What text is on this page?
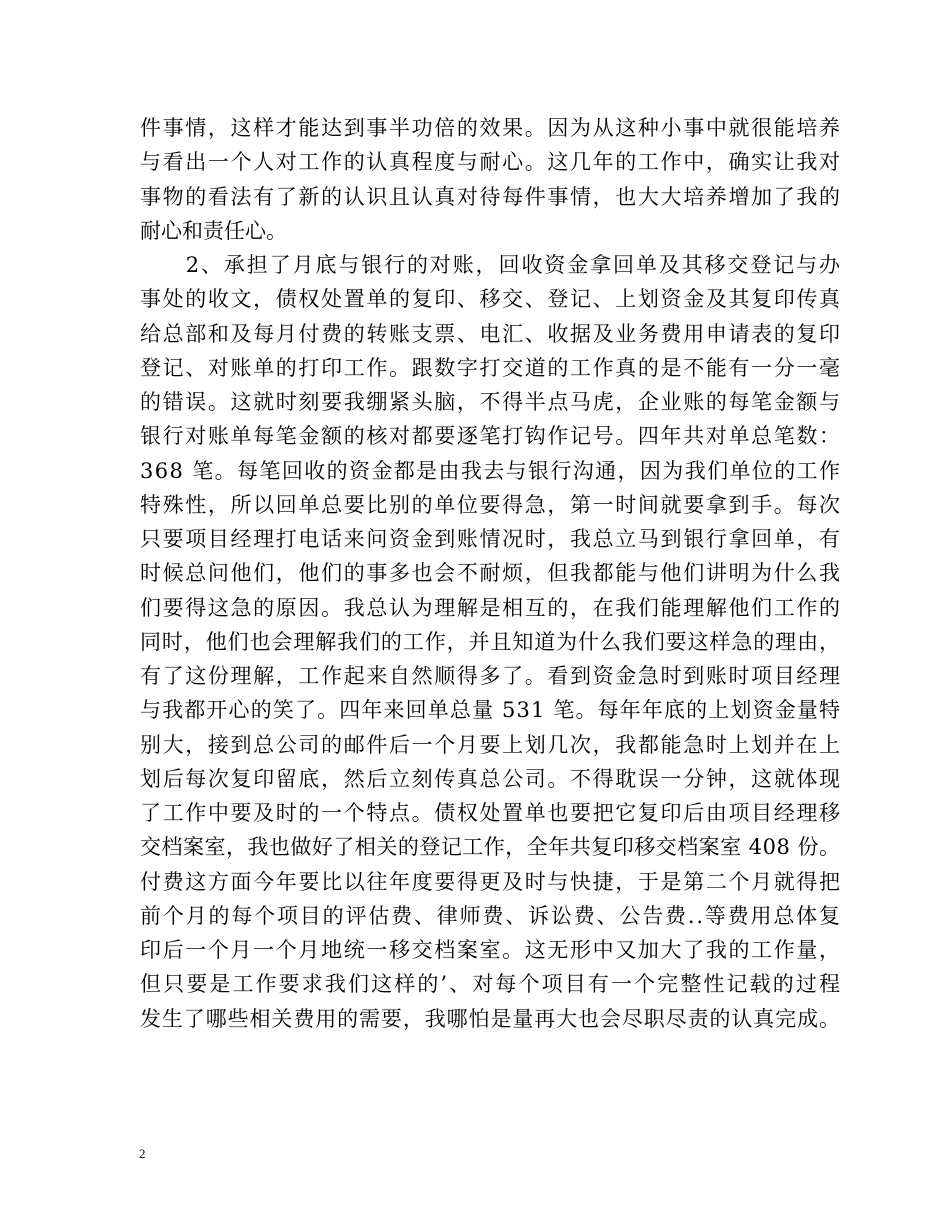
件事情，这样才能达到事半功倍的效果。因为从这种小事中就很能培养
与看出一个人对工作的认真程度与耐心。这几年的工作中，确实让我对
事物的看法有了新的认识且认真对待每件事情，也大大培养增加了我的
耐心和责任心。
　　2、承担了月底与银行的对账，回收资金拿回单及其移交登记与办
事处的收文，债权处置单的复印、移交、登记、上划资金及其复印传真
给总部和及每月付费的转账支票、电汇、收据及业务费用申请表的复印
登记、对账单的打印工作。跟数字打交道的工作真的是不能有一分一毫
的错误。这就时刻要我绷紧头脑，不得半点马虎，企业账的每笔金额与
银行对账单每笔金额的核对都要逐笔打钩作记号。四年共对单总笔数：
368 笔。每笔回收的资金都是由我去与银行沟通，因为我们单位的工作
特殊性，所以回单总要比别的单位要得急，第一时间就要拿到手。每次
只要项目经理打电话来问资金到账情况时，我总立马到银行拿回单，有
时候总问他们，他们的事多也会不耐烦，但我都能与他们讲明为什么我
们要得这急的原因。我总认为理解是相互的，在我们能理解他们工作的
同时，他们也会理解我们的工作，并且知道为什么我们要这样急的理由，
有了这份理解，工作起来自然顺得多了。看到资金急时到账时项目经理
与我都开心的笑了。四年来回单总量 531 笔。每年年底的上划资金量特
别大，接到总公司的邮件后一个月要上划几次，我都能急时上划并在上
划后每次复印留底，然后立刻传真总公司。不得耽误一分钟，这就体现
了工作中要及时的一个特点。债权处置单也要把它复印后由项目经理移
交档案室，我也做好了相关的登记工作，全年共复印移交档案室 408 份。
付费这方面今年要比以往年度要得更及时与快捷，于是第二个月就得把
前个月的每个项目的评估费、律师费、诉讼费、公告费..等费用总体复
印后一个月一个月地统一移交档案室。这无形中又加大了我的工作量，
但只要是工作要求我们这样的’、对每个项目有一个完整性记载的过程
发生了哪些相关费用的需要，我哪怕是量再大也会尽职尽责的认真完成。
2
